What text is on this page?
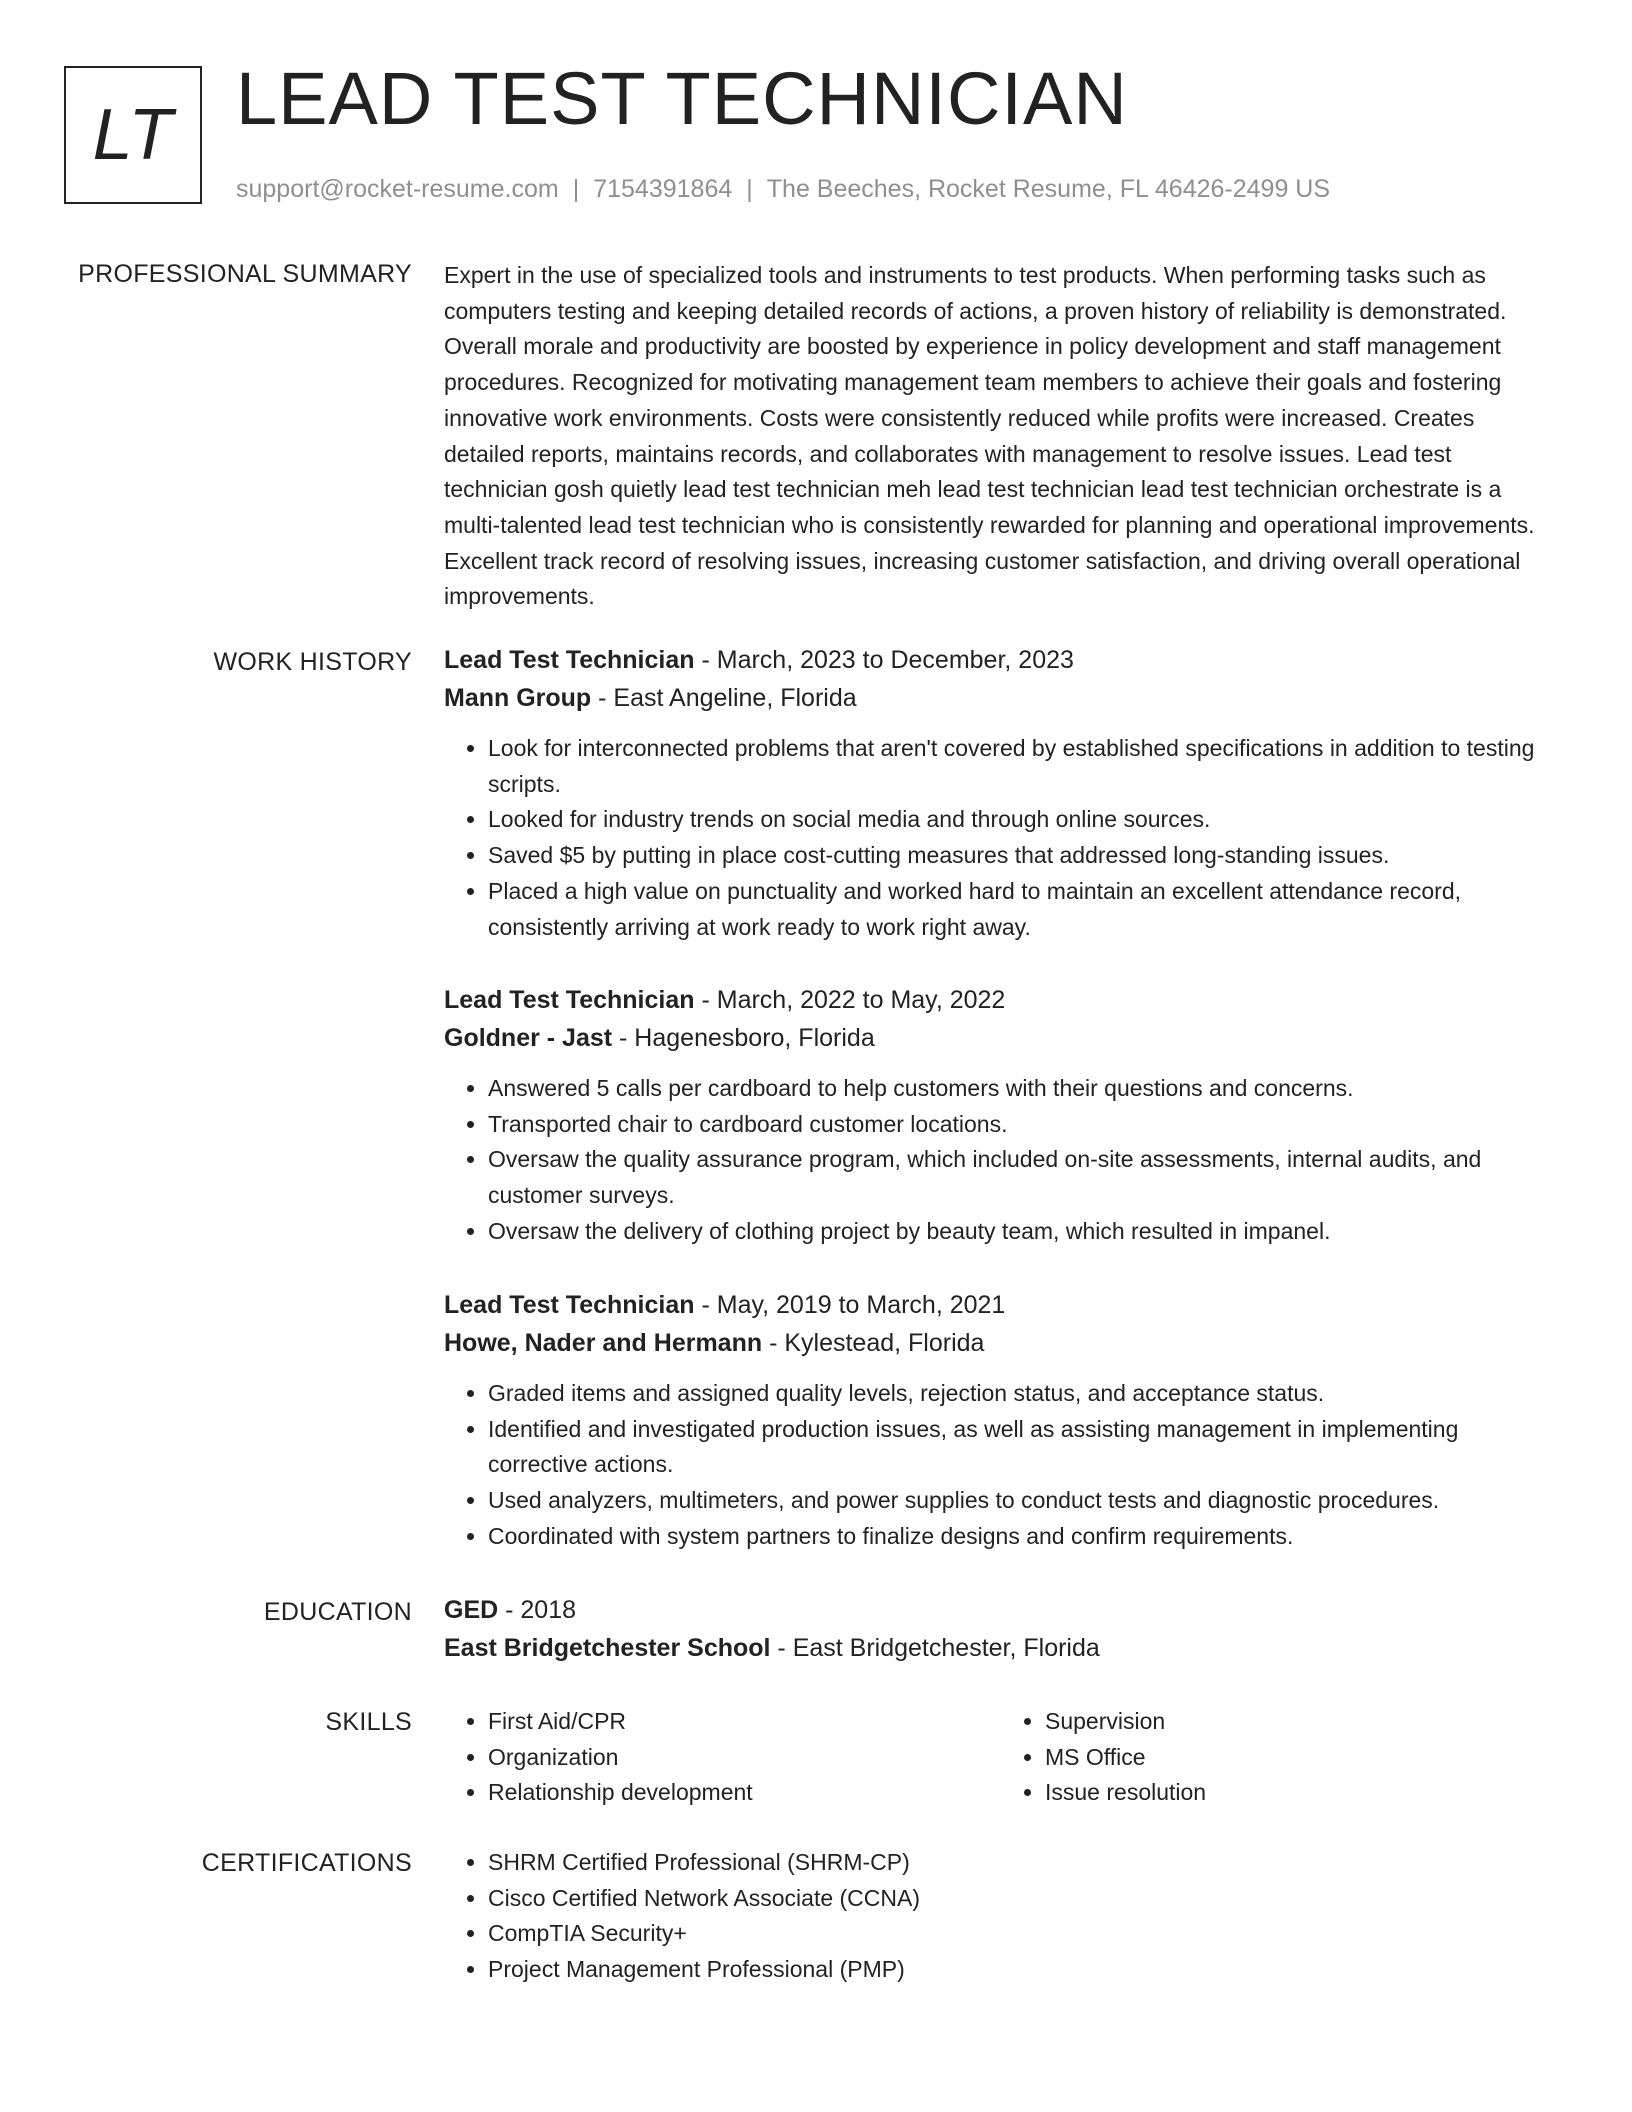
LT LEAD TEST TECHNICIAN
support@rocket-resume.com | 7154391864 | The Beeches, Rocket Resume, FL 46426-2499 US
PROFESSIONAL SUMMARY Expert in the use of specialized tools and instruments to test products. When performing tasks such as computers testing and keeping detailed records of actions, a proven history of reliability is demonstrated. Overall morale and productivity are boosted by experience in policy development and staff management procedures. Recognized for motivating management team members to achieve their goals and fostering innovative work environments. Costs were consistently reduced while profits were increased. Creates detailed reports, maintains records, and collaborates with management to resolve issues. Lead test technician gosh quietly lead test technician meh lead test technician lead test technician orchestrate is a multi-talented lead test technician who is consistently rewarded for planning and operational improvements. Excellent track record of resolving issues, increasing customer satisfaction, and driving overall operational improvements.

WORK HISTORY Lead Test Technician - March, 2023 to December, 2023
Mann Group - East Angeline, Florida
• Look for interconnected problems that aren't covered by established specifications in addition to testing scripts.
• Looked for industry trends on social media and through online sources.
• Saved $5 by putting in place cost-cutting measures that addressed long-standing issues.
• Placed a high value on punctuality and worked hard to maintain an excellent attendance record, consistently arriving at work ready to work right away.
Lead Test Technician - March, 2022 to May, 2022
Goldner - Jast - Hagenesboro, Florida
• Answered 5 calls per cardboard to help customers with their questions and concerns.
• Transported chair to cardboard customer locations.
• Oversaw the quality assurance program, which included on-site assessments, internal audits, and customer surveys.
• Oversaw the delivery of clothing project by beauty team, which resulted in impanel.
Lead Test Technician - May, 2019 to March, 2021
Howe, Nader and Hermann - Kylestead, Florida
• Graded items and assigned quality levels, rejection status, and acceptance status.
• Identified and investigated production issues, as well as assisting management in implementing corrective actions.
• Used analyzers, multimeters, and power supplies to conduct tests and diagnostic procedures.
• Coordinated with system partners to finalize designs and confirm requirements.
EDUCATION GED - 2018
East Bridgetchester School - East Bridgetchester, Florida
SKILLS	• First Aid/CPR
• Organization
• Relationship development
• Supervision
• MS Office
• Issue resolution
CERTIFICATIONS	• SHRM Certified Professional (SHRM-CP)
• Cisco Certified Network Associate (CCNA)
• CompTIA Security+
• Project Management Professional (PMP)
